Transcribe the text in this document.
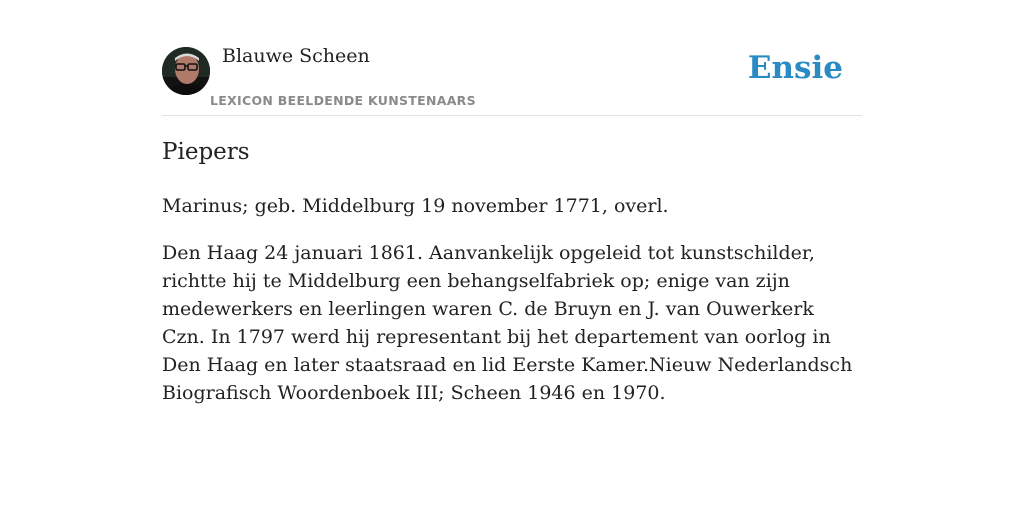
Blauwe Scheen
LEXICON BEELDENDE KUNSTENAARS
Ensie
Piepers

Marinus; geb. Middelburg 19 november 1771, overl.

Den Haag 24 januari 1861. Aanvankelijk opgeleid tot kunstschilder, richtte hij te Middelburg een behangselfabriek op; enige van zijn medewerkers en leerlingen waren C. de Bruyn en J. van Ouwerkerk Czn. In 1797 werd hij representant bij het departement van oorlog in Den Haag en later staatsraad en lid Eerste Kamer.Nieuw Nederlandsch Biografisch Woordenboek III; Scheen 1946 en 1970.
